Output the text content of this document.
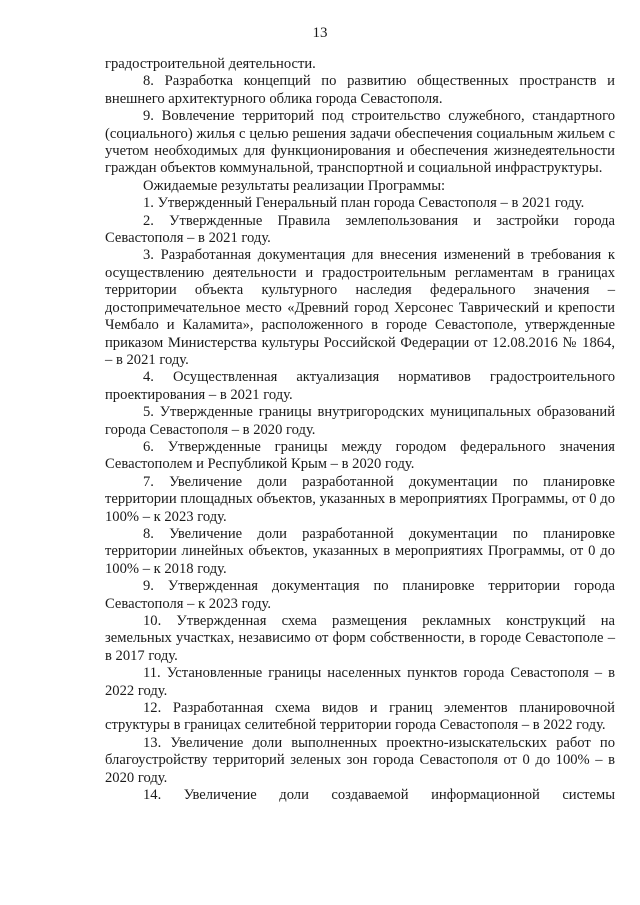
13

градостроительной деятельности.

8. Разработка концепций по развитию общественных пространств и внешнего архитектурного облика города Севастополя.

9. Вовлечение территорий под строительство служебного, стандартного (социального) жилья с целью решения задачи обеспечения социальным жильем с учетом необходимых для функционирования и обеспечения жизнедеятельности граждан объектов коммунальной, транспортной и социальной инфраструктуры.

Ожидаемые результаты реализации Программы:

1. Утвержденный Генеральный план города Севастополя – в 2021 году.

2. Утвержденные Правила землепользования и застройки города Севастополя – в 2021 году.

3. Разработанная документация для внесения изменений в требования к осуществлению деятельности и градостроительным регламентам в границах территории объекта культурного наследия федерального значения – достопримечательное место «Древний город Херсонес Таврический и крепости Чембало и Каламита», расположенного в городе Севастополе, утвержденные приказом Министерства культуры Российской Федерации от 12.08.2016 № 1864, – в 2021 году.

4. Осуществленная актуализация нормативов градостроительного проектирования – в 2021 году.

5. Утвержденные границы внутригородских муниципальных образований города Севастополя – в 2020 году.

6. Утвержденные границы между городом федерального значения Севастополем и Республикой Крым – в 2020 году.

7. Увеличение доли разработанной документации по планировке территории площадных объектов, указанных в мероприятиях Программы, от 0 до 100% – к 2023 году.

8. Увеличение доли разработанной документации по планировке территории линейных объектов, указанных в мероприятиях Программы, от 0 до 100% – к 2018 году.

9. Утвержденная документация по планировке территории города Севастополя – к 2023 году.

10. Утвержденная схема размещения рекламных конструкций на земельных участках, независимо от форм собственности, в городе Севастополе – в 2017 году.

11. Установленные границы населенных пунктов города Севастополя – в 2022 году.

12. Разработанная схема видов и границ элементов планировочной структуры в границах селитебной территории города Севастополя – в 2022 году.

13. Увеличение доли выполненных проектно-изыскательских работ по благоустройству территорий зеленых зон города Севастополя от 0 до 100% – в 2020 году.

14. Увеличение доли создаваемой информационной системы
